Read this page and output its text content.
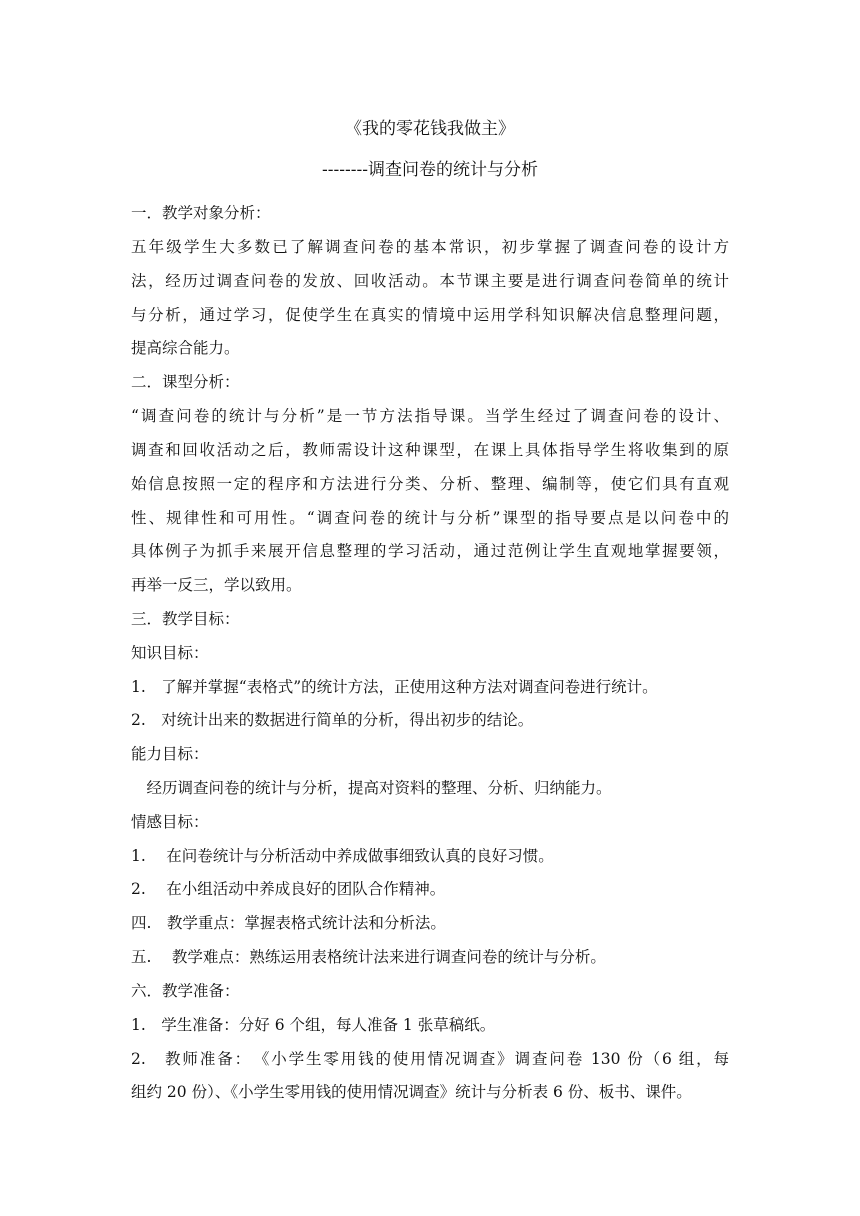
《我的零花钱我做主》
--------调查问卷的统计与分析
一．教学对象分析：
五年级学生大多数已了解调查问卷的基本常识，初步掌握了调查问卷的设计方
法，经历过调查问卷的发放、回收活动。本节课主要是进行调查问卷简单的统计
与分析，通过学习，促使学生在真实的情境中运用学科知识解决信息整理问题，
提高综合能力。
二．课型分析：
“调查问卷的统计与分析”是一节方法指导课。当学生经过了调查问卷的设计、
调查和回收活动之后，教师需设计这种课型，在课上具体指导学生将收集到的原
始信息按照一定的程序和方法进行分类、分析、整理、编制等，使它们具有直观
性、规律性和可用性。“调查问卷的统计与分析”课型的指导要点是以问卷中的
具体例子为抓手来展开信息整理的学习活动，通过范例让学生直观地掌握要领，
再举一反三，学以致用。
三．教学目标：
知识目标：
1.　了解并掌握“表格式”的统计方法，正使用这种方法对调查问卷进行统计。
2.　对统计出来的数据进行简单的分析，得出初步的结论。
能力目标：
　经历调查问卷的统计与分析，提高对资料的整理、分析、归纳能力。
情感目标：
1.　 在问卷统计与分析活动中养成做事细致认真的良好习惯。
2.　 在小组活动中养成良好的团队合作精神。
四.　教学重点：掌握表格式统计法和分析法。
五.　 教学难点：熟练运用表格统计法来进行调查问卷的统计与分析。
六．教学准备：
1.　学生准备：分好 6 个组，每人准备 1 张草稿纸。
2.　教师准备：　《小学生零用钱的使用情况调查》调查问卷 130 份（6 组，每
组约 20 份）、《小学生零用钱的使用情况调查》统计与分析表 6 份、板书、课件。
